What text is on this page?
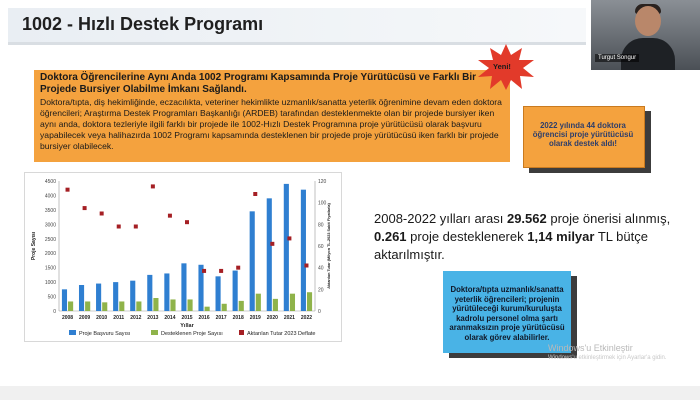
1002 - Hızlı Destek Programı
Doktora Öğrencilerine Aynı Anda 1002 Programı Kapsamında Proje Yürütücüsü ve Farklı Bir Projede Bursiyer Olabilme İmkanı Sağlandı.
Doktora/tıpta, diş hekimliğinde, eczacılıkta, veteriner hekimlikte uzmanlık/sanatta yeterlik öğrenimine devam eden doktora öğrencileri; Araştırma Destek Programları Başkanlığı (ARDEB) tarafından desteklenmekte olan bir projede bursiyer iken aynı anda, doktora tezleriyle ilgili farklı bir projede ile 1002-Hızlı Destek Programına proje yürütücüsü olarak başvuru yapabilecek veya halihazırda 1002 Programı kapsamında desteklenen bir projede proje yürütücüsü iken farklı bir projede bursiyer olabilecek.
Yeni!
2022 yılında 44 doktora öğrencisi proje yürütücüsü olarak destek aldı!
0
500
1000
1500
2000
2500
3000
3500
4000
4500
0
20
40
60
80
100
120
2008 2009 2010 2011 2012 2013 2014 2015 2016 2017 2018 2019 2020 2021 2022
Yıllar
Proje Sayısı	Aktarılan Tutar (Milyon TL-2023 Sabit Fiyatlarla)
Proje Başvuru Sayısı	Desteklenen Proje Sayısı	Aktarılan Tutar 2023 Deflate
2008-2022 yılları arası 29.562 proje önerisi alınmış, 0.261 proje desteklenerek 1,14 milyar TL bütçe aktarılmıştır.
Doktora/tıpta uzmanlık/sanatta yeterlik öğrencileri; projenin yürütüleceği kurum/kuruluşta kadrolu personel olma şartı aranmaksızın proje yürütücüsü olarak görev alabilirler.
Windows'u Etkinleştir
Windows'u etkinleştirmek için Ayarlar'a gidin.
Turgut Songur
